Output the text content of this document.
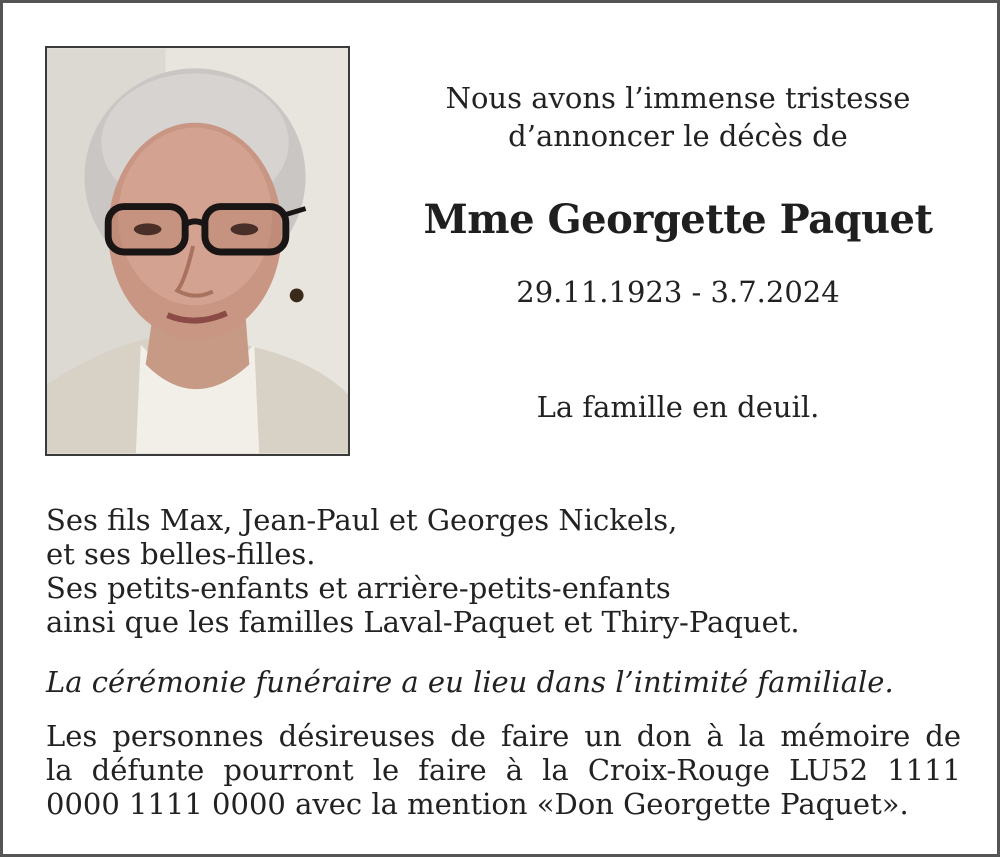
Nous avons l’immense tristesse
d’annoncer le décès de

Mme Georgette Paquet

29.11.1923 - 3.7.2024

La famille en deuil.

Ses fils Max, Jean-Paul et Georges Nickels,
et ses belles-filles.
Ses petits-enfants et arrière-petits-enfants
ainsi que les familles Laval-Paquet et Thiry-Paquet.

La cérémonie funéraire a eu lieu dans l’intimité familiale.

Les personnes désireuses de faire un don à la mémoire de
la défunte pourront le faire à la Croix-Rouge LU52 1111
0000 1111 0000 avec la mention «Don Georgette Paquet».
